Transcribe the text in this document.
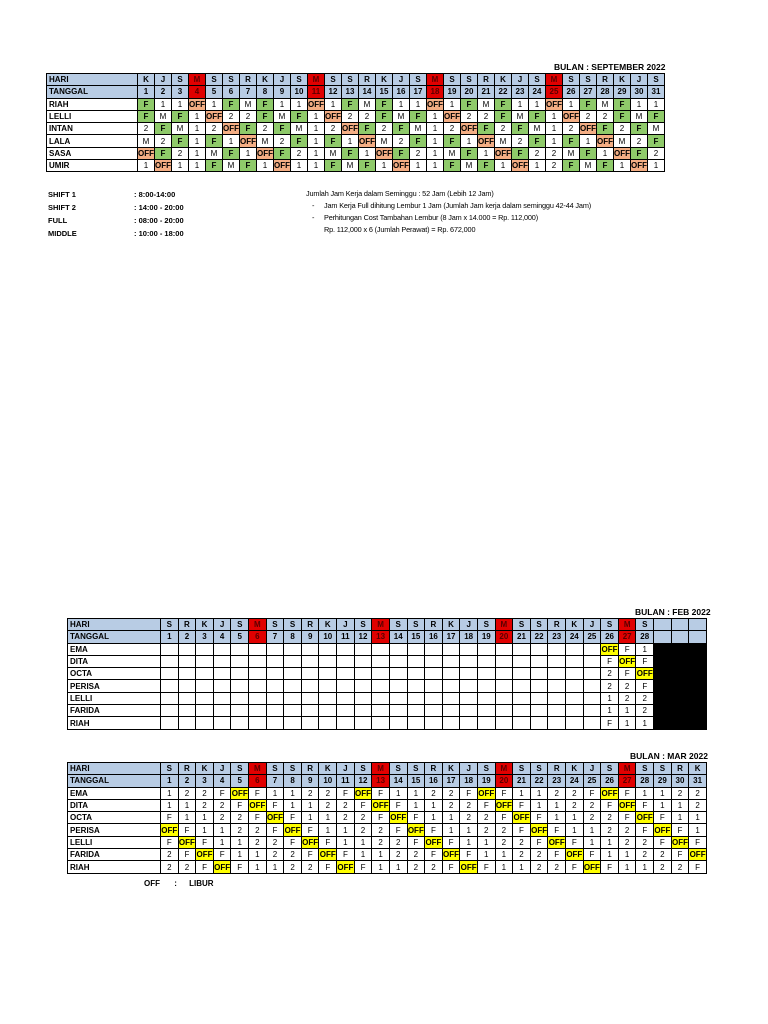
BULAN : SEPTEMBER 2022
HARI	K	J	S	M	S	S	R	K	J	S	M	S	S	R	K	J	S	M	S	S	R	K	J	S	M	S	S	R	K	J	S
TANGGAL	1	2	3	4	5	6	7	8	9	10	11	12	13	14	15	16	17	18	19	20	21	22	23	24	25	26	27	28	29	30	31
RIAH	F	1	1	OFF	1	F	M	F	1	1	OFF	1	F	M	F	1	1	OFF	1	F	M	F	1	1	OFF	1	F	M	F	1	1
LELLI	F	M	F	1	OFF	2	2	F	M	F	1	OFF	2	2	F	M	F	1	OFF	2	2	F	M	F	1	OFF	2	2	F	M	F
INTAN	2	F	M	1	2	OFF	F	2	F	M	1	2	OFF	F	2	F	M	1	2	OFF	F	2	F	M	1	2	OFF	F	2	F	M
LALA	M	2	F	1	F	1	OFF	M	2	F	1	F	1	OFF	M	2	F	1	F	1	OFF	M	2	F	1	F	1	OFF	M	2	F
SASA	OFF	F	2	1	M	F	1	OFF	F	2	1	M	F	1	OFF	F	2	1	M	F	1	OFF	F	2	2	M	F	1	OFF	F	2
UMIR	1	OFF	1	1	F	M	F	1	OFF	1	1	F	M	F	1	OFF	1	1	F	M	F	1	OFF	1	2	F	M	F	1	OFF	1
SHIFT 1	: 8:00-14:00
SHIFT 2	: 14:00 - 20:00
FULL	: 08:00 - 20:00
MIDDLE	: 10:00 - 18:00
Jumlah Jam Kerja dalam Seminggu : 52 Jam (Lebih 12 Jam)
- Jam Kerja Full dihitung Lembur 1 Jam (Jumlah Jam kerja dalam seminggu 42-44 Jam)
- Perhitungan Cost Tambahan Lembur (8 Jam x 14.000 = Rp. 112,000)
Rp. 112,000 x 6 (Jumlah Perawat) = Rp. 672,000
BULAN : FEB 2022
HARI	S	R	K	J	S	M	S	S	R	K	J	S	M	S	S	R	K	J	S	M	S	S	R	K	J	S	M	S			
TANGGAL	1	2	3	4	5	6	7	8	9	10	11	12	13	14	15	16	17	18	19	20	21	22	23	24	25	26	27	28			
EMA																										OFF	F	1			
DITA																										F	OFF	F			
OCTA																										2	F	OFF			
PERISA																										2	2	F			
LELLI																										1	2	2			
FARIDA																										1	1	2			
RIAH																										F	1	1			
BULAN : MAR 2022
HARI	S	R	K	J	S	M	S	S	R	K	J	S	M	S	S	R	K	J	S	M	S	S	R	K	J	S	M	S	S	R	K
TANGGAL	1	2	3	4	5	6	7	8	9	10	11	12	13	14	15	16	17	18	19	20	21	22	23	24	25	26	27	28	29	30	31
EMA	1	2	2	F	OFF	F	1	1	2	2	F	OFF	F	1	1	2	2	F	OFF	F	1	1	2	2	F	OFF	F	1	1	2	2
DITA	1	1	2	2	F	OFF	F	1	1	2	2	F	OFF	F	1	1	2	2	F	OFF	F	1	1	2	2	F	OFF	F	1	1	2
OCTA	F	1	1	2	2	F	OFF	F	1	1	2	2	F	OFF	F	1	1	2	2	F	OFF	F	1	1	2	2	F	OFF	F	1	1
PERISA	OFF	F	1	1	2	2	F	OFF	F	1	1	2	2	F	OFF	F	1	1	2	2	F	OFF	F	1	1	2	2	F	OFF	F	1
LELLI	F	OFF	F	1	1	2	2	F	OFF	F	1	1	2	2	F	OFF	F	1	1	2	2	F	OFF	F	1	1	2	2	F	OFF	F
FARIDA	2	F	OFF	F	1	1	2	2	F	OFF	F	1	1	2	2	F	OFF	F	1	1	2	2	F	OFF	F	1	1	2	2	F	OFF
RIAH	2	2	F	OFF	F	1	1	2	2	F	OFF	F	1	1	2	2	F	OFF	F	1	1	2	2	F	OFF	F	1	1	2	2	F
OFF : LIBUR
